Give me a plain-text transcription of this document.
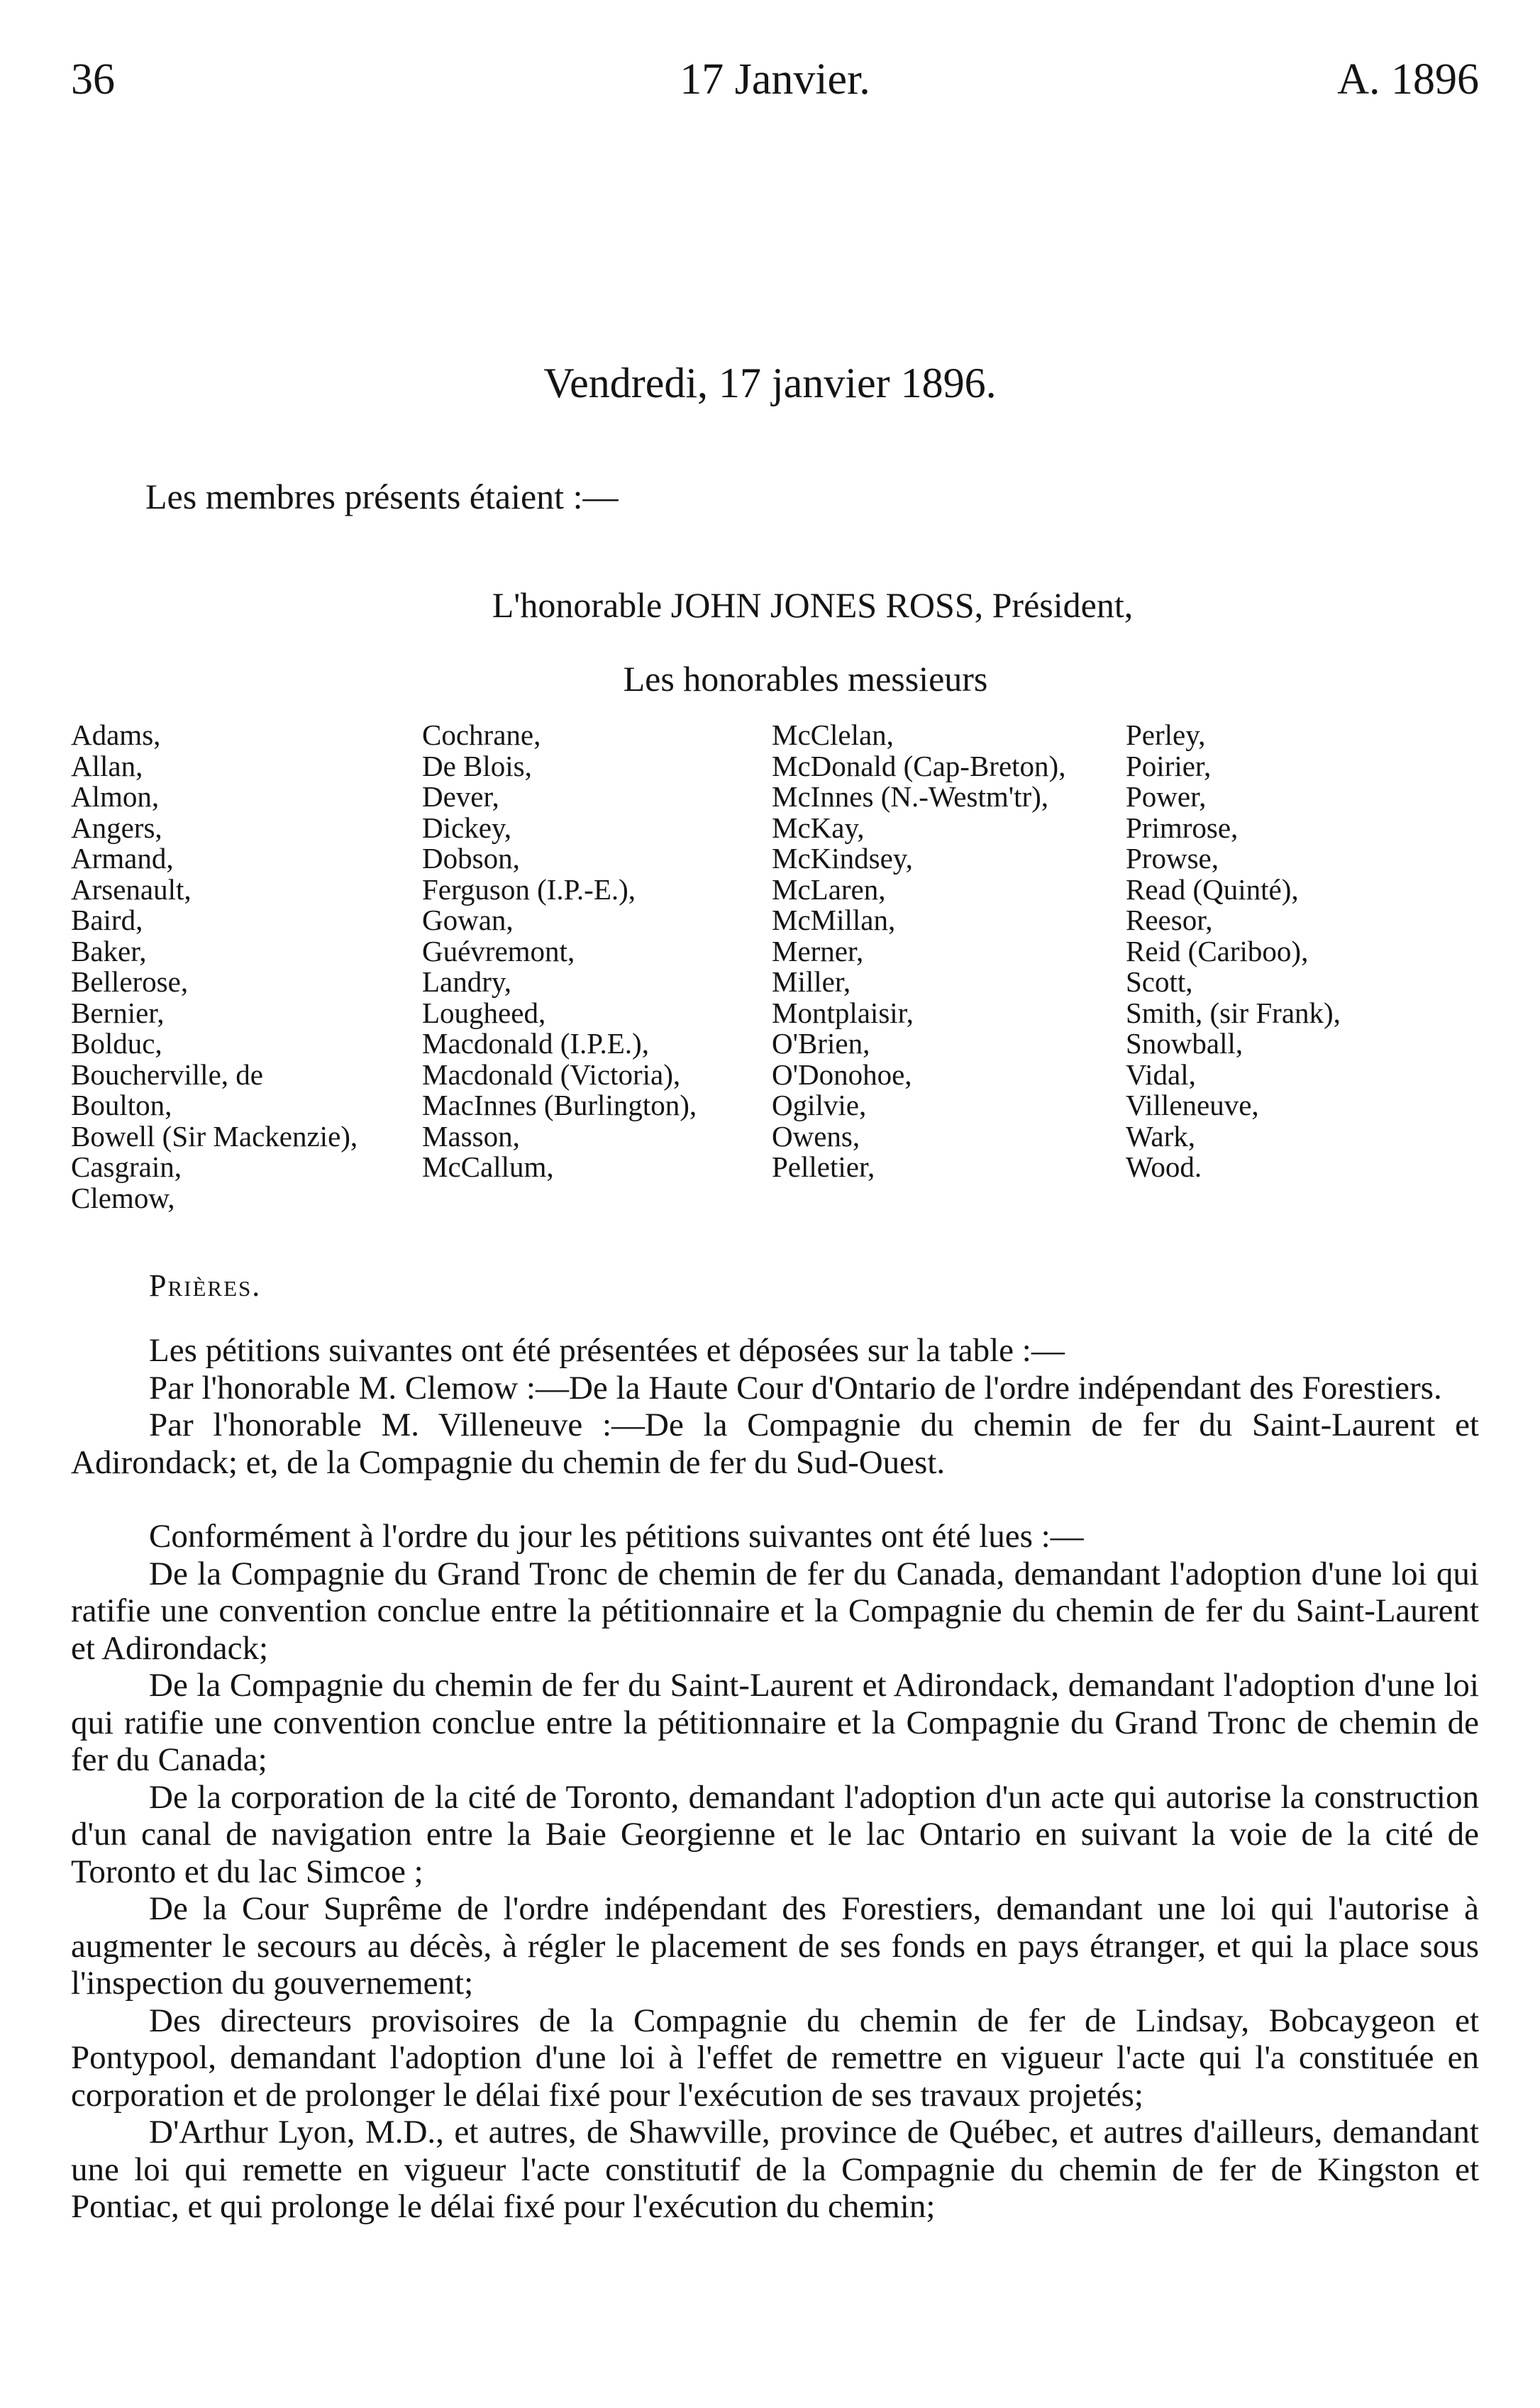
36	17 Janvier.	A. 1896
Vendredi, 17 janvier 1896.
Les membres présents étaient :—
L'honorable JOHN JONES ROSS, Président,
Les honorables messieurs
Adams,
Allan,
Almon,
Angers,
Armand,
Arsenault,
Baird,
Baker,
Bellerose,
Bernier,
Bolduc,
Boucherville, de
Boulton,
Bowell (Sir Mackenzie),
Casgrain,
Clemow,
Cochrane,
De Blois,
Dever,
Dickey,
Dobson,
Ferguson (I.P.-E.),
Gowan,
Guévremont,
Landry,
Lougheed,
Macdonald (I.P.E.),
Macdonald (Victoria),
MacInnes (Burlington),
Masson,
McCallum,
McClelan,
McDonald (Cap-Breton),
McInnes (N.-Westm'tr),
McKay,
McKindsey,
McLaren,
McMillan,
Merner,
Miller,
Montplaisir,
O'Brien,
O'Donohoe,
Ogilvie,
Owens,
Pelletier,
Perley,
Poirier,
Power,
Primrose,
Prowse,
Read (Quinté),
Reesor,
Reid (Cariboo),
Scott,
Smith, (sir Frank),
Snowball,
Vidal,
Villeneuve,
Wark,
Wood.
Prières.

Les pétitions suivantes ont été présentées et déposées sur la table :—

Par l'honorable M. Clemow :—De la Haute Cour d'Ontario de l'ordre indépendant des Forestiers.

Par l'honorable M. Villeneuve :—De la Compagnie du chemin de fer du Saint-Laurent et Adirondack; et, de la Compagnie du chemin de fer du Sud-Ouest.

Conformément à l'ordre du jour les pétitions suivantes ont été lues :—

De la Compagnie du Grand Tronc de chemin de fer du Canada, demandant l'adoption d'une loi qui ratifie une convention conclue entre la pétitionnaire et la Compagnie du chemin de fer du Saint-Laurent et Adirondack;

De la Compagnie du chemin de fer du Saint-Laurent et Adirondack, demandant l'adoption d'une loi qui ratifie une convention conclue entre la pétitionnaire et la Compagnie du Grand Tronc de chemin de fer du Canada;

De la corporation de la cité de Toronto, demandant l'adoption d'un acte qui autorise la construction d'un canal de navigation entre la Baie Georgienne et le lac Ontario en suivant la voie de la cité de Toronto et du lac Simcoe ;

De la Cour Suprême de l'ordre indépendant des Forestiers, demandant une loi qui l'autorise à augmenter le secours au décès, à régler le placement de ses fonds en pays étranger, et qui la place sous l'inspection du gouvernement;

Des directeurs provisoires de la Compagnie du chemin de fer de Lindsay, Bobcaygeon et Pontypool, demandant l'adoption d'une loi à l'effet de remettre en vigueur l'acte qui l'a constituée en corporation et de prolonger le délai fixé pour l'exécution de ses travaux projetés;

D'Arthur Lyon, M.D., et autres, de Shawville, province de Québec, et autres d'ailleurs, demandant une loi qui remette en vigueur l'acte constitutif de la Compagnie du chemin de fer de Kingston et Pontiac, et qui prolonge le délai fixé pour l'exécution du chemin;
